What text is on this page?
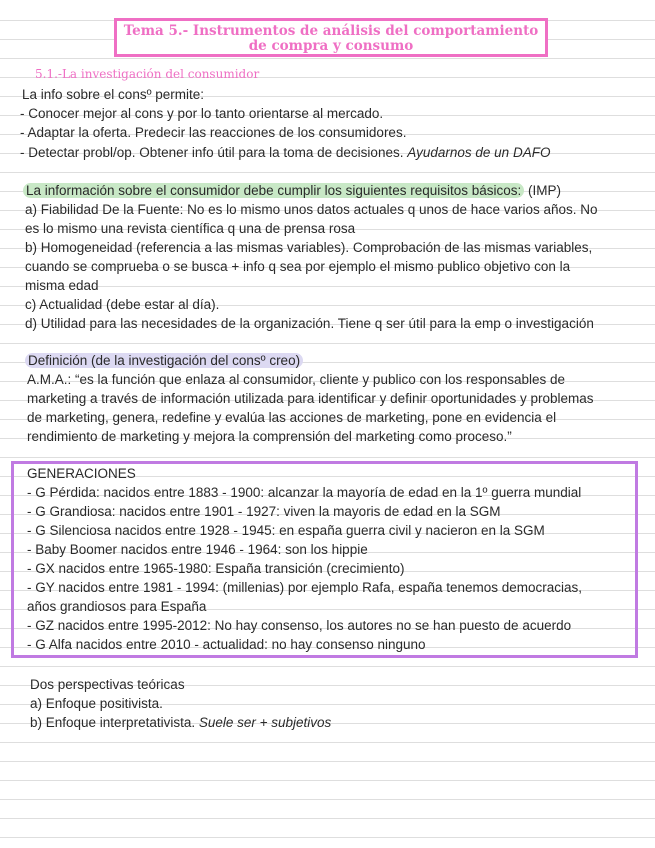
Tema 5.- Instrumentos de análisis del comportamiento
de compra y consumo
5.1.-La investigación del consumidor
La info sobre el consº permite:
- Conocer mejor al cons y por lo tanto orientarse al mercado.
- Adaptar la oferta. Predecir las reacciones de los consumidores.
- Detectar probl/op. Obtener info útil para la toma de decisiones. Ayudarnos de un DAFO
La información sobre el consumidor debe cumplir los siguientes requisitos básicos: (IMP)
a) Fiabilidad De la Fuente: No es lo mismo unos datos actuales q unos de hace varios años. No
es lo mismo una revista científica q una de prensa rosa
b) Homogeneidad (referencia a las mismas variables). Comprobación de las mismas variables,
cuando se comprueba o se busca + info q sea por ejemplo el mismo publico objetivo con la
misma edad
c) Actualidad (debe estar al día).
d) Utilidad para las necesidades de la organización. Tiene q ser útil para la emp o investigación
Definición (de la investigación del consº creo)
A.M.A.: “es la función que enlaza al consumidor, cliente y publico con los responsables de
marketing a través de información utilizada para identificar y definir oportunidades y problemas
de marketing, genera, redefine y evalúa las acciones de marketing, pone en evidencia el
rendimiento de marketing y mejora la comprensión del marketing como proceso.”
GENERACIONES
- G Pérdida: nacidos entre 1883 - 1900: alcanzar la mayoría de edad en la 1º guerra mundial
- G Grandiosa: nacidos entre 1901 - 1927: viven la mayoris de edad en la SGM
- G Silenciosa nacidos entre 1928 - 1945: en españa guerra civil y nacieron en la SGM
- Baby Boomer nacidos entre 1946 - 1964: son los hippie
- GX nacidos entre 1965-1980: España transición (crecimiento)
- GY nacidos entre 1981 - 1994: (millenias) por ejemplo Rafa, españa tenemos democracias,
años grandiosos para España
- GZ nacidos entre 1995-2012: No hay consenso, los autores no se han puesto de acuerdo
- G Alfa nacidos entre 2010 - actualidad: no hay consenso ninguno
Dos perspectivas teóricas
a) Enfoque positivista.
b) Enfoque interpretativista. Suele ser + subjetivos
